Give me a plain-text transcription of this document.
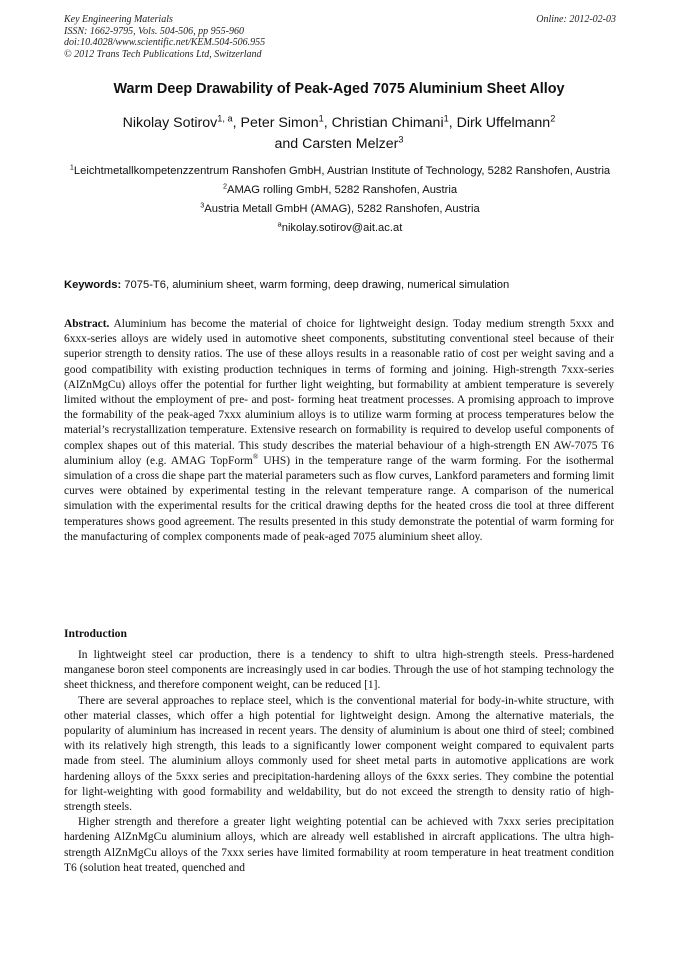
Key Engineering Materials
ISSN: 1662-9795, Vols. 504-506, pp 955-960
doi:10.4028/www.scientific.net/KEM.504-506.955
© 2012 Trans Tech Publications Ltd, Switzerland
Online: 2012-02-03
Warm Deep Drawability of Peak-Aged 7075 Aluminium Sheet Alloy
Nikolay Sotirov$^{1, a}$, Peter Simon$^1$, Christian Chimani$^1$, Dirk Uffelmann$^2$
and Carsten Melzer$^3$

$^1$Leichtmetallkompetenzzentrum Ranshofen GmbH, Austrian Institute of Technology, 5282 Ranshofen, Austria

$^2$AMAG rolling GmbH, 5282 Ranshofen, Austria

$^3$Austria Metall GmbH (AMAG), 5282 Ranshofen, Austria

$^a$nikolay.sotirov@ait.ac.at

Keywords: 7075-T6, aluminium sheet, warm forming, deep drawing, numerical simulation

Abstract. Aluminium has become the material of choice for lightweight design. Today medium strength 5xxx and 6xxx-series alloys are widely used in automotive sheet components, substituting conventional steel because of their superior strength to density ratios. The use of these alloys results in a reasonable ratio of cost per weight saving and a good compatibility with existing production techniques in terms of forming and joining. High-strength 7xxx-series (AlZnMgCu) alloys offer the potential for further light weighting, but formability at ambient temperature is severely limited without the employment of pre- and post- forming heat treatment processes. A promising approach to improve the formability of the peak-aged 7xxx aluminium alloys is to utilize warm forming at process temperatures below the material’s recrystallization temperature. Extensive research on formability is required to develop useful components of complex shapes out of this material. This study describes the material behaviour of a high-strength EN AW-7075 T6 aluminium alloy (e.g. AMAG TopForm® UHS) in the temperature range of the warm forming. For the isothermal simulation of a cross die shape part the material parameters such as flow curves, Lankford parameters and forming limit curves were obtained by experimental testing in the relevant temperature range. A comparison of the numerical simulation with the experimental results for the critical drawing depths for the heated cross die tool at three different temperatures shows good agreement. The results presented in this study demonstrate the potential of warm forming for the manufacturing of complex components made of peak-aged 7075 aluminium sheet alloy.

Introduction

In lightweight steel car production, there is a tendency to shift to ultra high-strength steels. Press-hardened manganese boron steel components are increasingly used in car bodies. Through the use of hot stamping technology the sheet thickness, and therefore component weight, can be reduced [1].

There are several approaches to replace steel, which is the conventional material for body-in-white structure, with other material classes, which offer a high potential for lightweight design. Among the alternative materials, the popularity of aluminium has increased in recent years. The density of aluminium is about one third of steel; combined with its relatively high strength, this leads to a significantly lower component weight compared to equivalent parts made from steel. The aluminium alloys commonly used for sheet metal parts in automotive applications are work hardening alloys of the 5xxx series and precipitation-hardening alloys of the 6xxx series. They combine the potential for light-weighting with good formability and weldability, but do not exceed the strength to density ratio of high-strength steels.

Higher strength and therefore a greater light weighting potential can be achieved with 7xxx series precipitation hardening AlZnMgCu aluminium alloys, which are already well established in aircraft applications. The ultra high-strength AlZnMgCu alloys of the 7xxx series have limited formability at room temperature in heat treatment condition T6 (solution heat treated, quenched and
